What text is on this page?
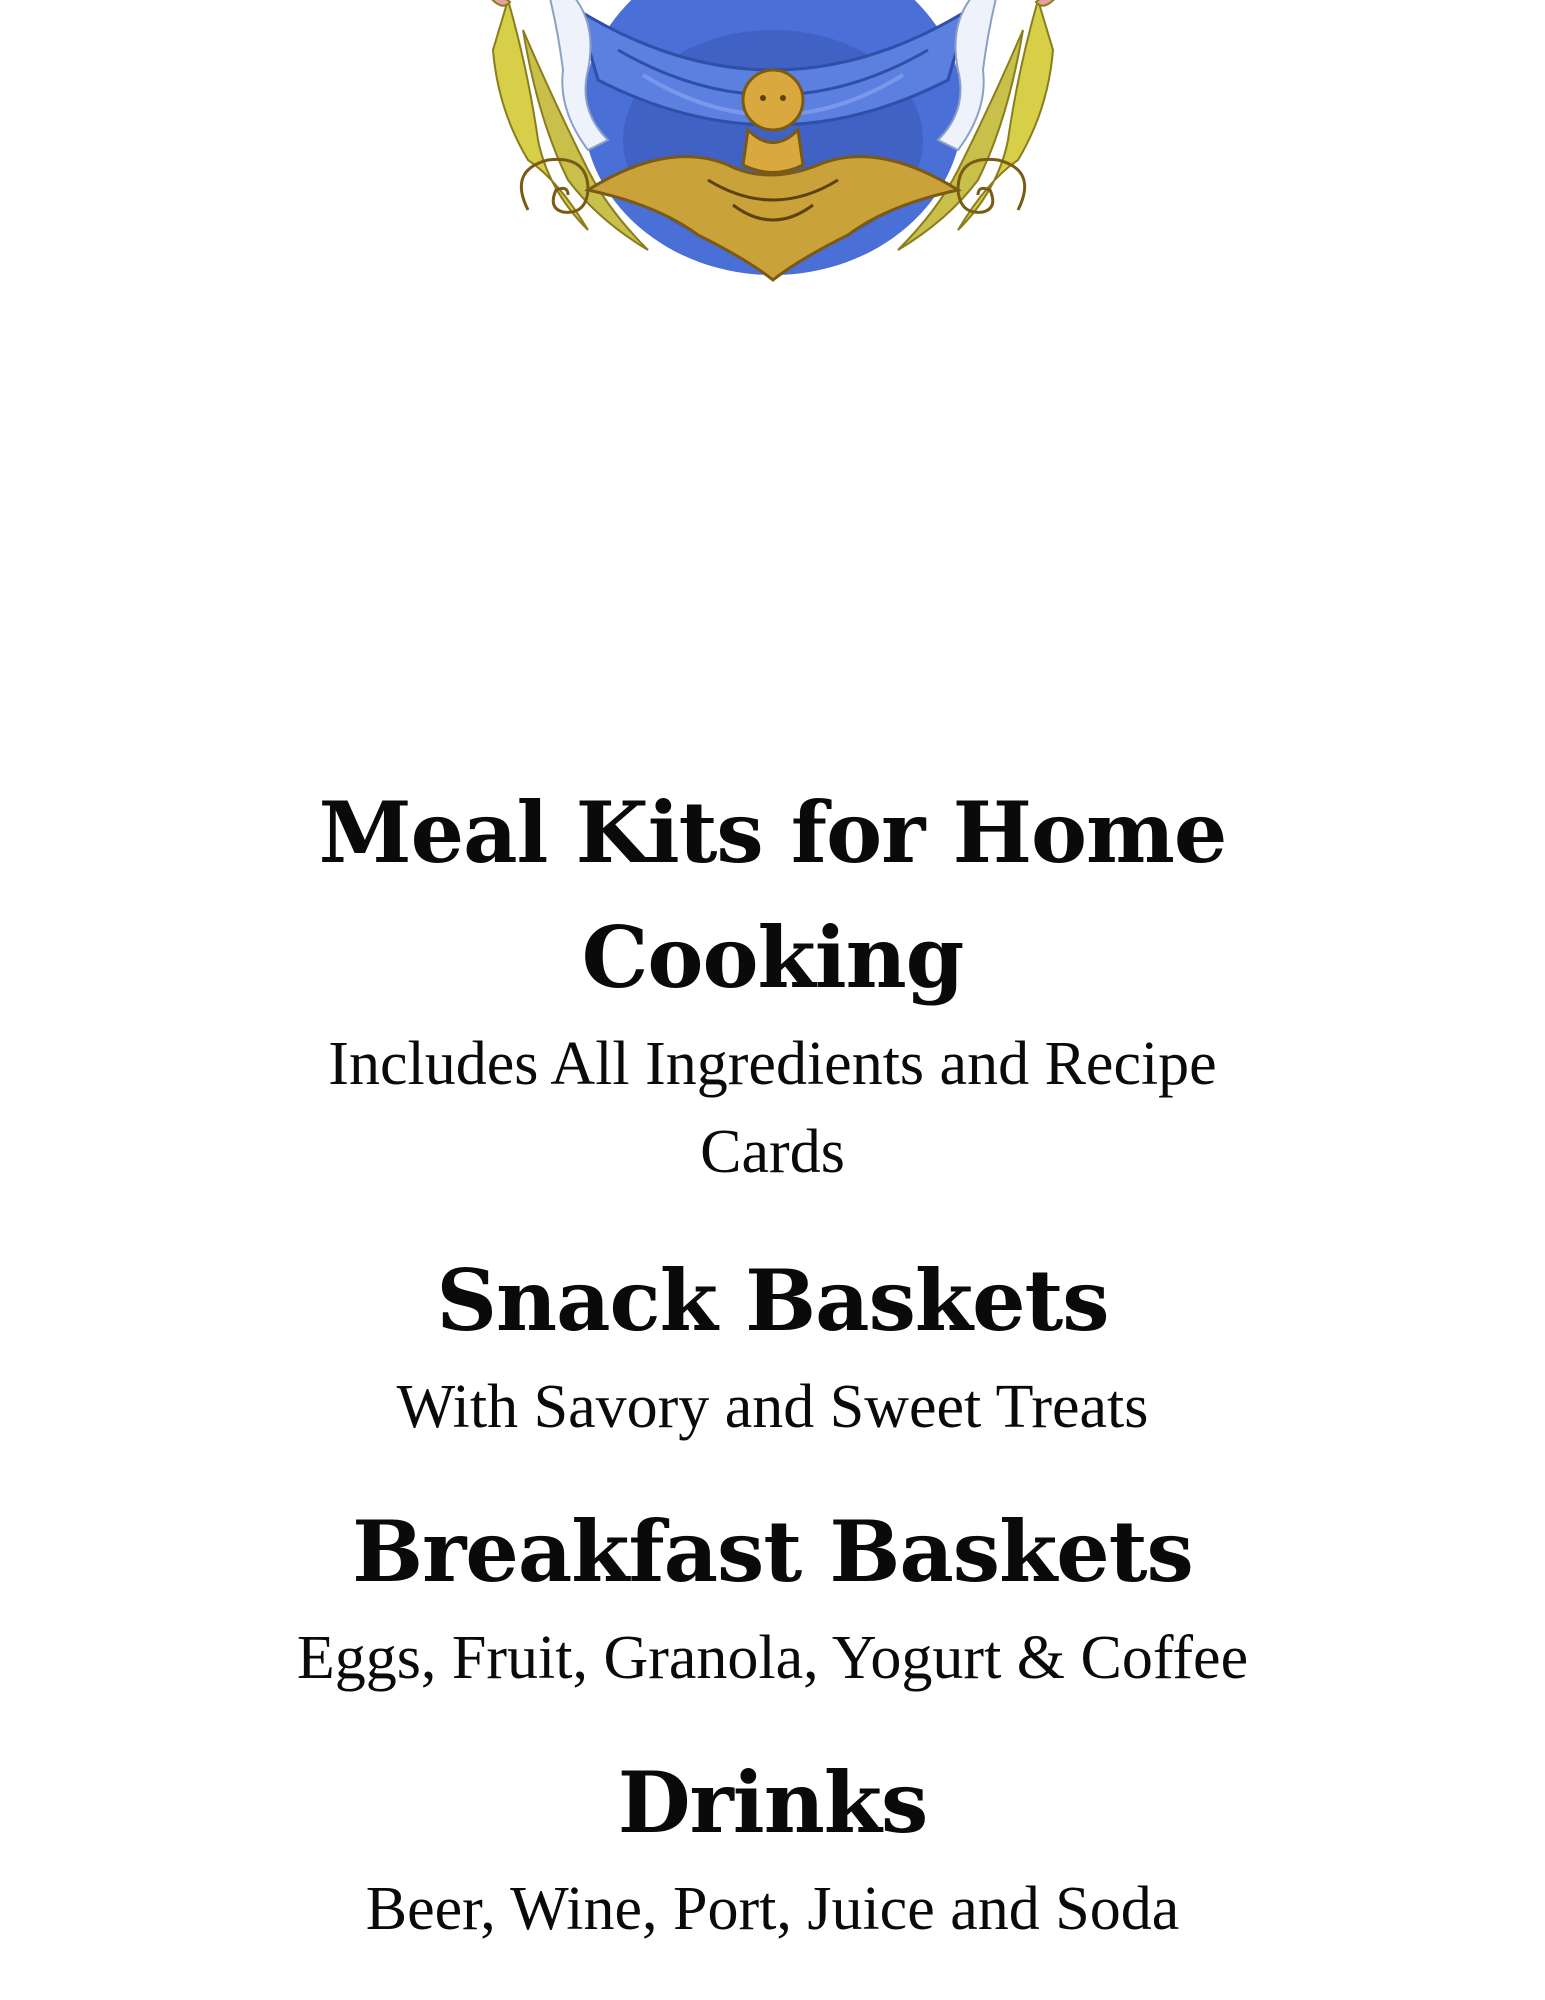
Meal Kits for Home Cooking

Includes All Ingredients and Recipe Cards

Snack Baskets

With Savory and Sweet Treats

Breakfast Baskets

Eggs, Fruit, Granola, Yogurt & Coffee

Drinks

Beer, Wine, Port, Juice and Soda
